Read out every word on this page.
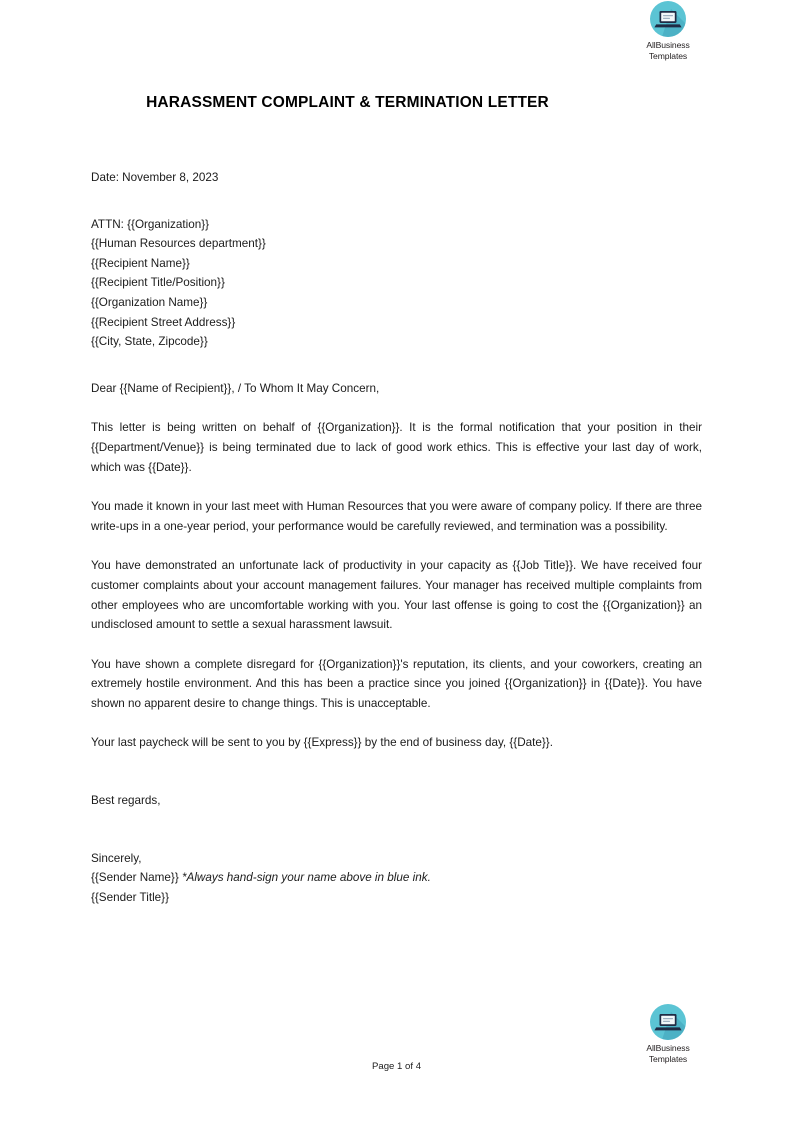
HARASSMENT COMPLAINT & TERMINATION LETTER
AllBusiness
Templates

Date: November 8, 2023

ATTN: {{Organization}}
{{Human Resources department}}
{{Recipient Name}}
{{Recipient Title/Position}}
{{Organization Name}}
{{Recipient Street Address}}
{{City, State, Zipcode}}

Dear {{Name of Recipient}}, / To Whom It May Concern,

This letter is being written on behalf of {{Organization}}. It is the formal notification that your position in their {{Department/Venue}} is being terminated due to lack of good work ethics. This is effective your last day of work, which was {{Date}}.

You made it known in your last meet with Human Resources that you were aware of company policy. If there are three write-ups in a one-year period, your performance would be carefully reviewed, and termination was a possibility.

You have demonstrated an unfortunate lack of productivity in your capacity as {{Job Title}}. We have received four customer complaints about your account management failures. Your manager has received multiple complaints from other employees who are uncomfortable working with you. Your last offense is going to cost the {{Organization}} an undisclosed amount to settle a sexual harassment lawsuit.

You have shown a complete disregard for {{Organization}}'s reputation, its clients, and your coworkers, creating an extremely hostile environment. And this has been a practice since you joined {{Organization}} in {{Date}}. You have shown no apparent desire to change things. This is unacceptable.

Your last paycheck will be sent to you by {{Express}} by the end of business day, {{Date}}.

Best regards,

Sincerely,
{{Sender Name}} *Always hand-sign your name above in blue ink.
{{Sender Title}}
AllBusiness
Templates
Page 1 of 4
